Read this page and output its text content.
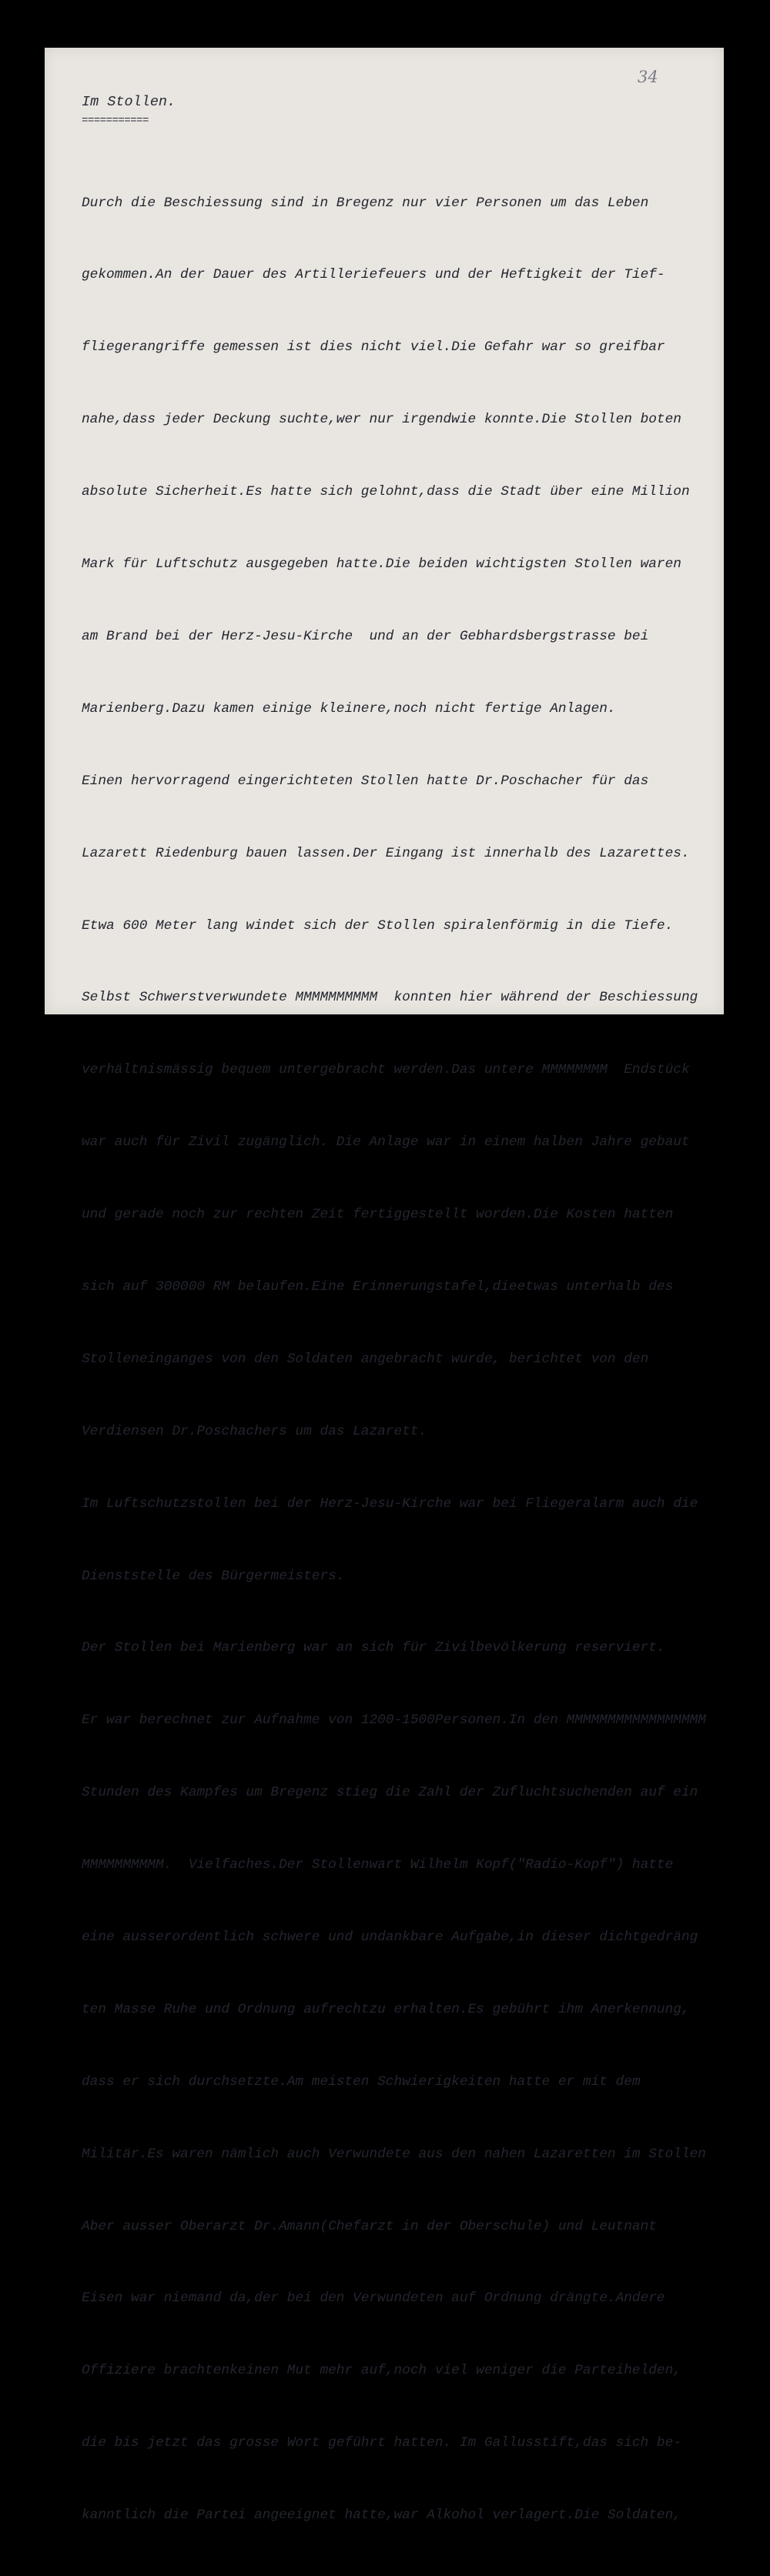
34
Im Stollen.
===========

Durch die Beschiessung sind in Bregenz nur vier Personen um das Leben

gekommen.An der Dauer des Artilleriefeuers und der Heftigkeit der Tief-

fliegerangriffe gemessen ist dies nicht viel.Die Gefahr war so greifbar

nahe,dass jeder Deckung suchte,wer nur irgendwie konnte.Die Stollen boten

absolute Sicherheit.Es hatte sich gelohnt,dass die Stadt über eine Million

Mark für Luftschutz ausgegeben hatte.Die beiden wichtigsten Stollen waren

am Brand bei der Herz-Jesu-Kirche  und an der Gebhardsbergstrasse bei

Marienberg.Dazu kamen einige kleinere,noch nicht fertige Anlagen.

Einen hervorragend eingerichteten Stollen hatte Dr.Poschacher für das

Lazarett Riedenburg bauen lassen.Der Eingang ist innerhalb des Lazarettes.

Etwa 600 Meter lang windet sich der Stollen spiralenförmig in die Tiefe.

Selbst Schwerstverwundete MMMMMMMMMM  konnten hier während der Beschiessung

verhältnismässig bequem untergebracht werden.Das untere MMMMMMMM  Endstück

war auch für Zivil zugänglich. Die Anlage war in einem halben Jahre gebaut

und gerade noch zur rechten Zeit fertiggestellt worden.Die Kosten hatten

sich auf 300000 RM belaufen.Eine Erinnerungstafel,dieetwas unterhalb des

Stolleneinganges von den Soldaten angebracht wurde, berichtet von den

Verdiensen Dr.Poschachers um das Lazarett.

Im Luftschutzstollen bei der Herz-Jesu-Kirche war bei Fliegeralarm auch die

Dienststelle des Bürgermeisters.

Der Stollen bei Marienberg war an sich für Zivilbevölkerung reserviert.

Er war berechnet zur Aufnahme von 1200-1500Personen.In den MMMMMMMMMMMMMMMMM

Stunden des Kampfes um Bregenz stieg die Zahl der Zufluchtsuchenden auf ein

MMMMMMMMMM.  Vielfaches.Der Stollenwart Wilhelm Kopf("Radio-Kopf") hatte

eine ausserordentlich schwere und undankbare Aufgabe,in dieser dichtgedräng

ten Masse Ruhe und Ordnung aufrechtzu erhalten.Es gebührt ihm Anerkennung,

dass er sich durchsetzte.Am meisten Schwierigkeiten hatte er mit dem

Militär.Es waren nämlich auch Verwundete aus den nahen Lazaretten im Stollen

Aber ausser Oberarzt Dr.Amann(Chefarzt in der Oberschule) und Leutnant

Eisen war niemand da,der bei den Verwundeten auf Ordnung drängte.Andere

Offiziere brachtenkeinen Mut mehr auf,noch viel weniger die Parteihelden,

die bis jetzt das grosse Wort geführt hatten. Im Gallusstift,das sich be-

kanntlich die Partei angeeignet hatte,war Alkohol verlagert.Die Soldaten,
